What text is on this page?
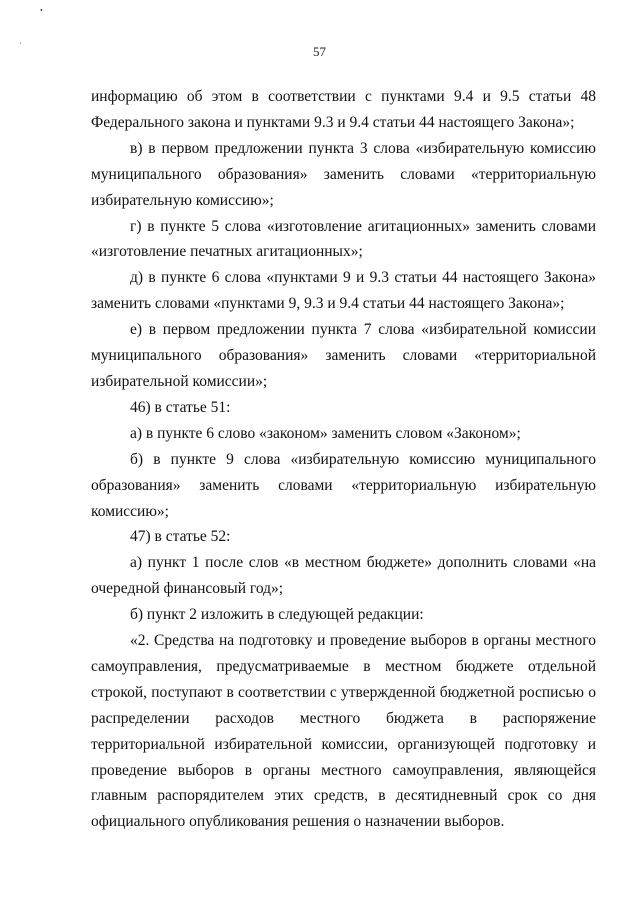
•
·
57

информацию об этом в соответствии с пунктами 9.4 и 9.5 статьи 48 Федерального закона и пунктами 9.3 и 9.4 статьи 44 настоящего Закона»;

в) в первом предложении пункта 3 слова «избирательную комиссию муниципального образования» заменить словами «территориальную избирательную комиссию»;

г) в пункте 5 слова «изготовление агитационных» заменить словами «изготовление печатных агитационных»;

д) в пункте 6 слова «пунктами 9 и 9.3 статьи 44 настоящего Закона» заменить словами «пунктами 9, 9.3 и 9.4 статьи 44 настоящего Закона»;

е) в первом предложении пункта 7 слова «избирательной комиссии муниципального образования» заменить словами «территориальной избирательной комиссии»;

46) в статье 51:

а) в пункте 6 слово «законом» заменить словом «Законом»;

б) в пункте 9 слова «избирательную комиссию муниципального образования» заменить словами «территориальную избирательную комиссию»;

47) в статье 52:

а) пункт 1 после слов «в местном бюджете» дополнить словами «на очередной финансовый год»;

б) пункт 2 изложить в следующей редакции:

«2. Средства на подготовку и проведение выборов в органы местного самоуправления, предусматриваемые в местном бюджете отдельной строкой, поступают в соответствии с утвержденной бюджетной росписью о распределении расходов местного бюджета в распоряжение территориальной избирательной комиссии, организующей подготовку и проведение выборов в органы местного самоуправления, являющейся главным распорядителем этих средств, в десятидневный срок со дня официального опубликования решения о назначении выборов.
